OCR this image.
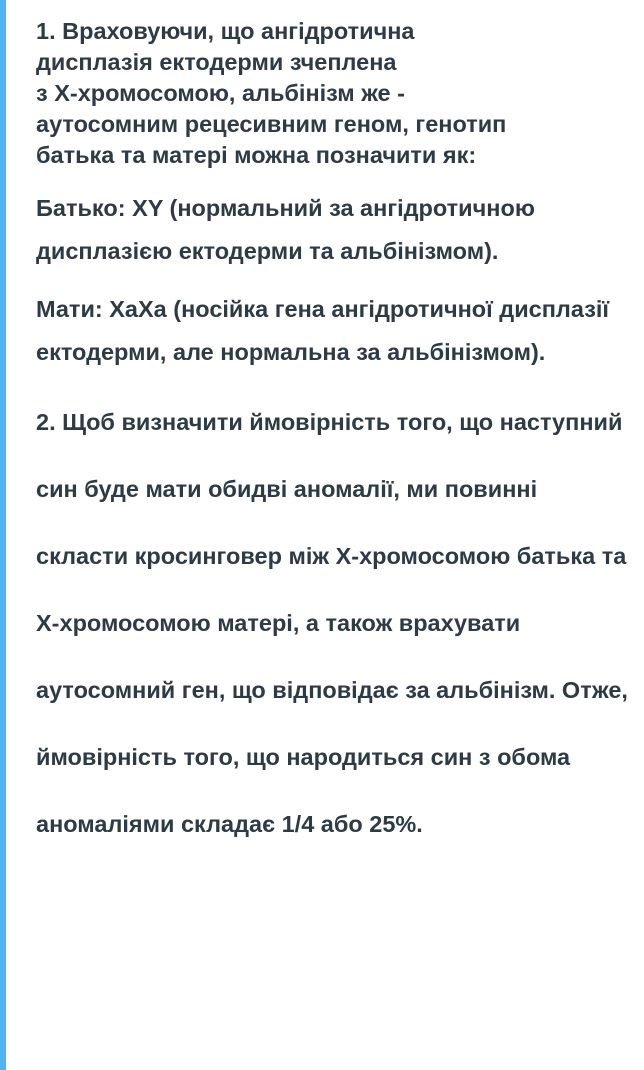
1. Враховуючи, що ангідротична
дисплазія ектодерми зчеплена
з Х-хромосомою, альбінізм же -
аутосомним рецесивним геном, генотип
батька та матері можна позначити як:

Батько: XY (нормальний за ангідротичною дисплазією ектодерми та альбінізмом).

Мати: XaXa (носійка гена ангідротичної дисплазії ектодерми, але нормальна за альбінізмом).

2. Щоб визначити ймовірність того, що наступний син буде мати обидві аномалії, ми повинні скласти кросинговер між Х-хромосомою батька та Х-хромосомою матері, а також врахувати аутосомний ген, що відповідає за альбінізм. Отже, ймовірність того, що народиться син з обома аномаліями складає 1/4 або 25%.
